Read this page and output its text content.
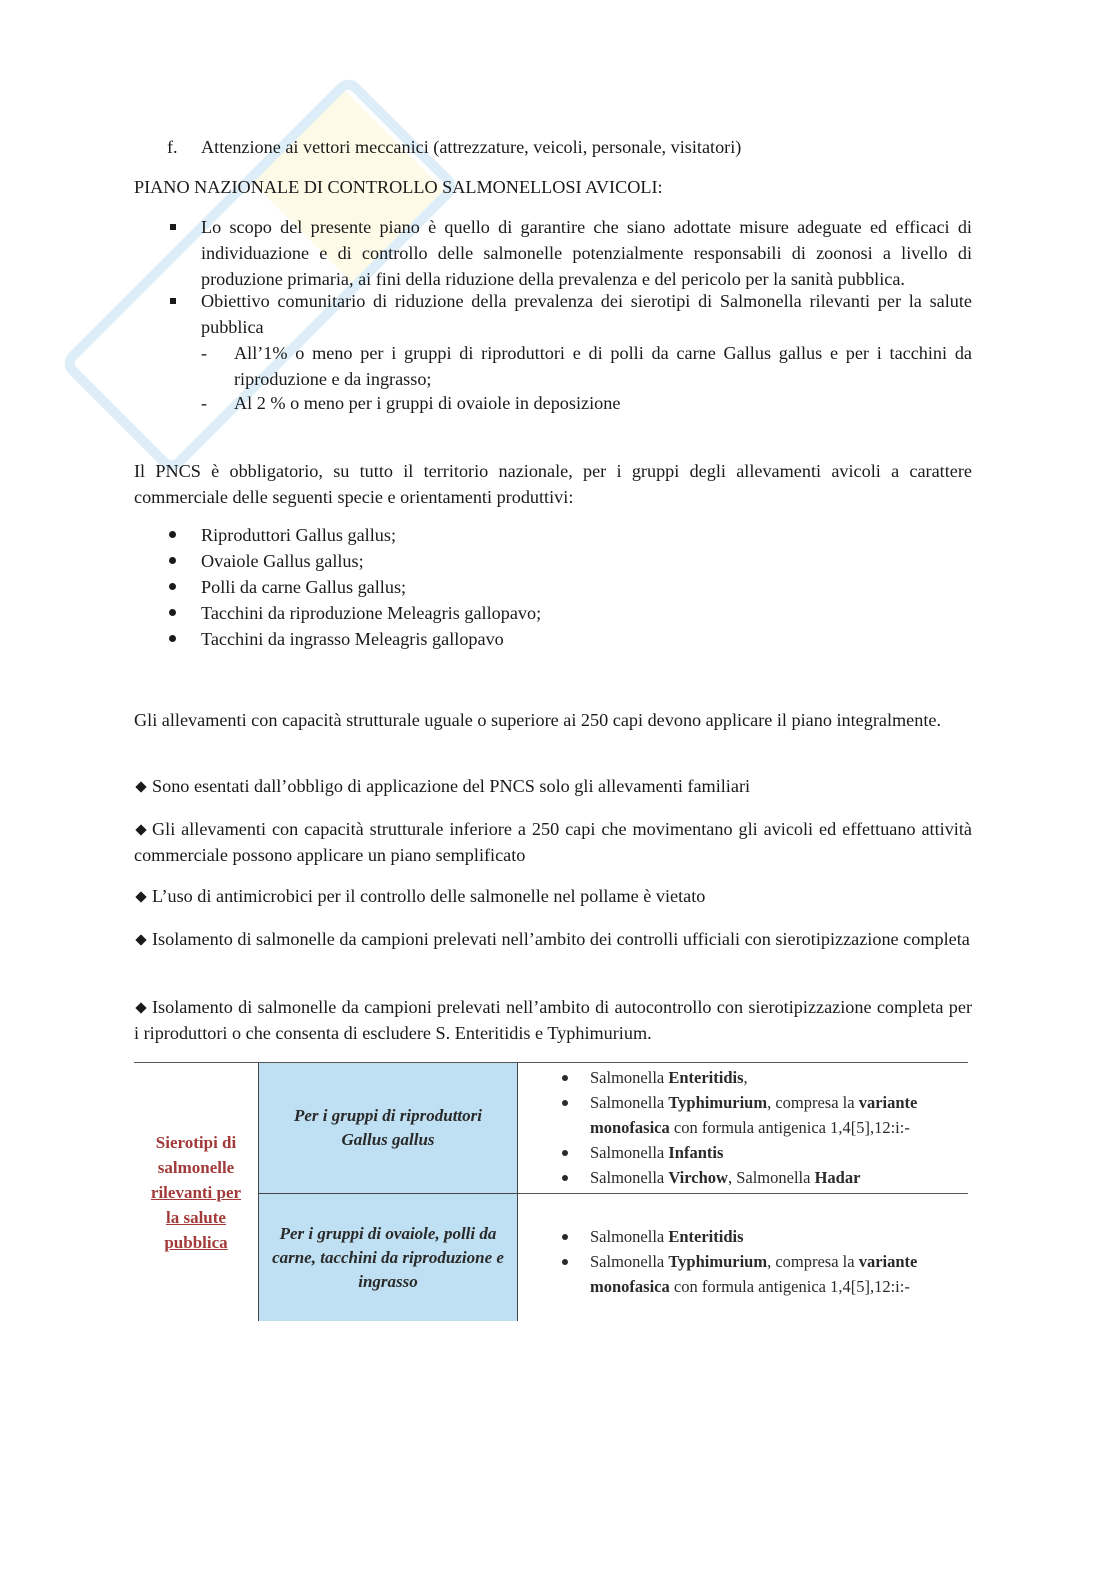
f. Attenzione ai vettori meccanici (attrezzature, veicoli, personale, visitatori)
PIANO NAZIONALE DI CONTROLLO SALMONELLOSI AVICOLI:

Lo scopo del presente piano è quello di garantire che siano adottate misure adeguate ed efficaci di individuazione e di controllo delle salmonelle potenzialmente responsabili di zoonosi a livello di produzione primaria, ai fini della riduzione della prevalenza e del pericolo per la sanità pubblica.

Obiettivo comunitario di riduzione della prevalenza dei sierotipi di Salmonella rilevanti per la salute pubblica

- All’1% o meno per i gruppi di riproduttori e di polli da carne Gallus gallus e per i tacchini da riproduzione e da ingrasso;

- Al 2 % o meno per i gruppi di ovaiole in deposizione

Il PNCS è obbligatorio, su tutto il territorio nazionale, per i gruppi degli allevamenti avicoli a carattere commerciale delle seguenti specie e orientamenti produttivi:

Riproduttori Gallus gallus;
Ovaiole Gallus gallus;
Polli da carne Gallus gallus;
Tacchini da riproduzione Meleagris gallopavo;
Tacchini da ingrasso Meleagris gallopavo

Gli allevamenti con capacità strutturale uguale o superiore ai 250 capi devono applicare il piano integralmente.

Sono esentati dall’obbligo di applicazione del PNCS solo gli allevamenti familiari
Gli allevamenti con capacità strutturale inferiore a 250 capi che movimentano gli avicoli ed effettuano attività commerciale possono applicare un piano semplificato
L’uso di antimicrobici per il controllo delle salmonelle nel pollame è vietato
Isolamento di salmonelle da campioni prelevati nell’ambito dei controlli ufficiali con sierotipizzazione completa
Isolamento di salmonelle da campioni prelevati nell’ambito di autocontrollo con sierotipizzazione completa per i riproduttori o che consenta di escludere S. Enteritidis e Typhimurium.
Sierotipi di
salmonelle
rilevanti per
la salute
pubblica
Per i gruppi di riproduttori Gallus gallus
Per i gruppi di ovaiole, polli da carne, tacchini da riproduzione e ingrasso
Salmonella Enteritidis,
Salmonella Typhimurium, compresa la variante monofasica con formula antigenica 1,4[5],12:i:-
Salmonella Infantis
Salmonella Virchow, Salmonella Hadar
Salmonella Enteritidis
Salmonella Typhimurium, compresa la variante monofasica con formula antigenica 1,4[5],12:i:-
